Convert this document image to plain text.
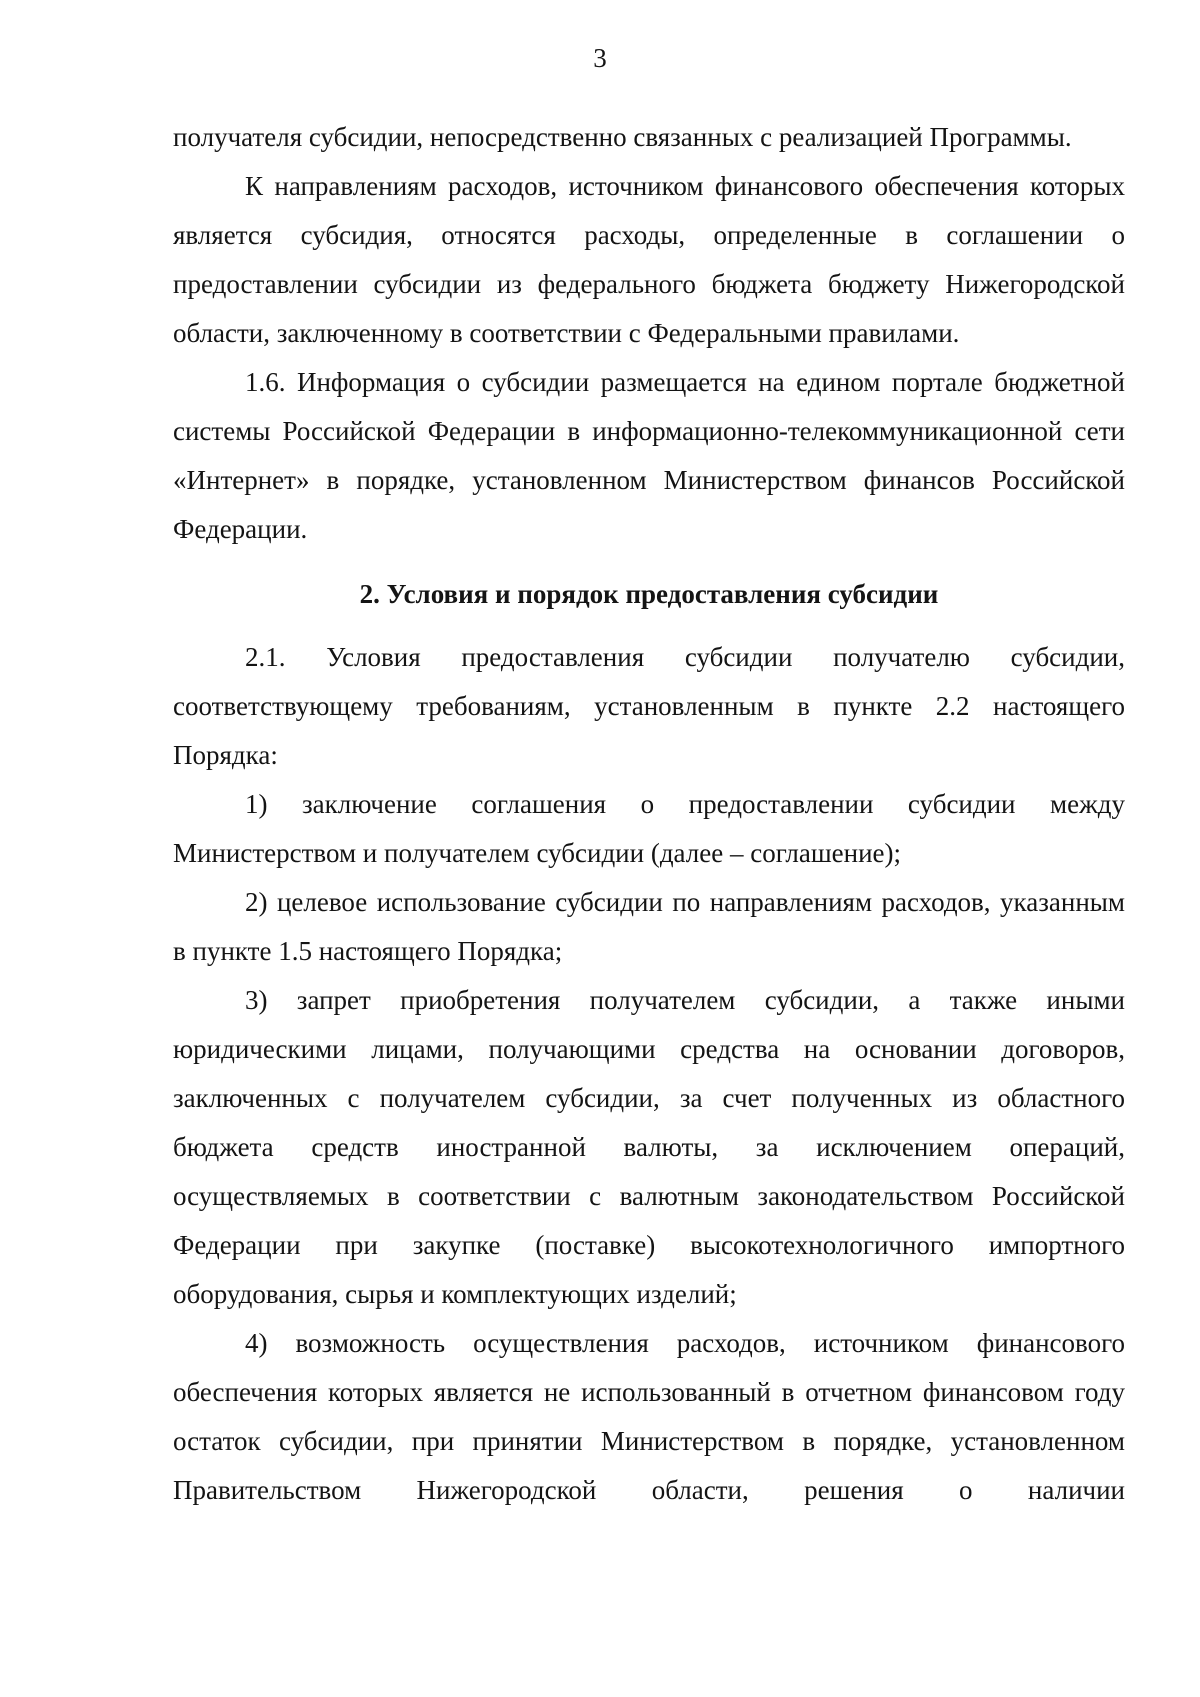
3

получателя субсидии, непосредственно связанных с реализацией Программы.

К направлениям расходов, источником финансового обеспечения которых является субсидия, относятся расходы, определенные в соглашении о предоставлении субсидии из федерального бюджета бюджету Нижегородской области, заключенному в соответствии с Федеральными правилами.

1.6. Информация о субсидии размещается на едином портале бюджетной системы Российской Федерации в информационно-телекоммуникационной сети «Интернет» в порядке, установленном Министерством финансов Российской Федерации.

2. Условия и порядок предоставления субсидии

2.1. Условия предоставления субсидии получателю субсидии, соответствующему требованиям, установленным в пункте 2.2 настоящего Порядка:

1) заключение соглашения о предоставлении субсидии между Министерством и получателем субсидии (далее – соглашение);

2) целевое использование субсидии по направлениям расходов, указанным в пункте 1.5 настоящего Порядка;

3) запрет приобретения получателем субсидии, а также иными юридическими лицами, получающими средства на основании договоров, заключенных с получателем субсидии, за счет полученных из областного бюджета средств иностранной валюты, за исключением операций, осуществляемых в соответствии с валютным законодательством Российской Федерации при закупке (поставке) высокотехнологичного импортного оборудования, сырья и комплектующих изделий;

4) возможность осуществления расходов, источником финансового обеспечения которых является не использованный в отчетном финансовом году остаток субсидии, при принятии Министерством в порядке, установленном Правительством Нижегородской области, решения о наличии
